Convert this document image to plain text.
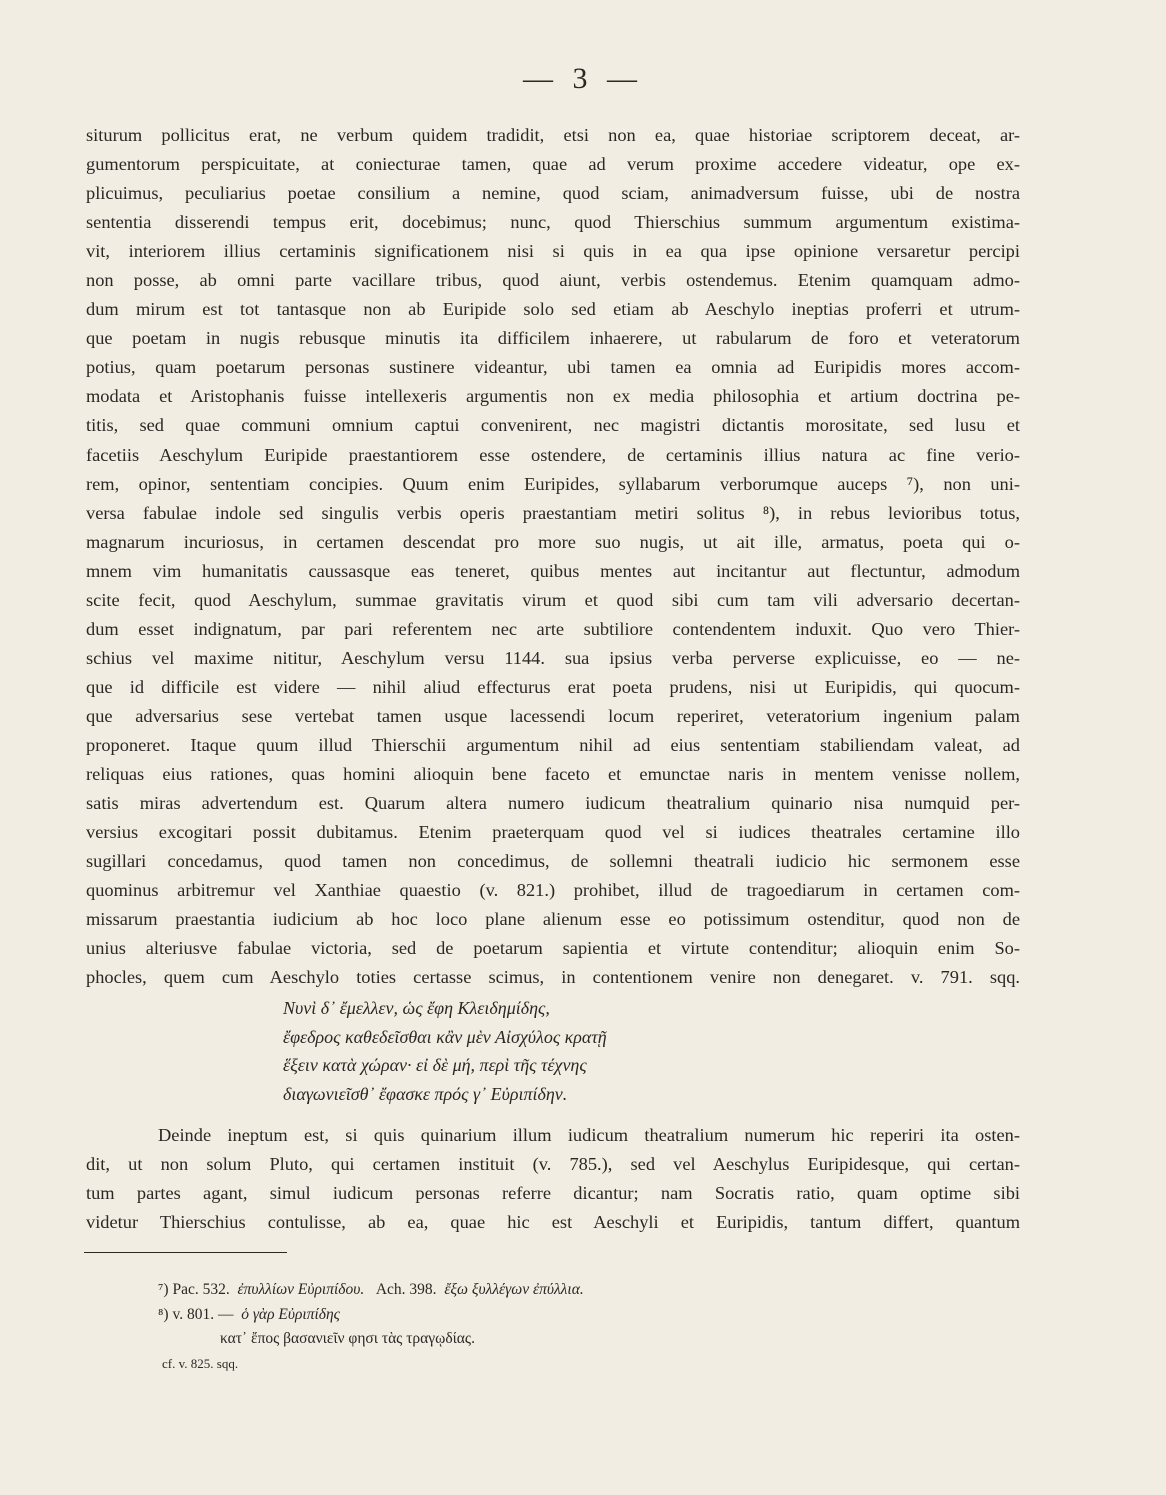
— 3 —
siturum pollicitus erat, ne verbum quidem tradidit, etsi non ea, quae historiae scriptorem deceat, ar-
gumentorum perspicuitate, at coniecturae tamen, quae ad verum proxime accedere videatur, ope ex-
plicuimus, peculiarius poetae consilium a nemine, quod sciam, animadversum fuisse, ubi de nostra
sententia disserendi tempus erit, docebimus; nunc, quod Thierschius summum argumentum existima-
vit, interiorem illius certaminis significationem nisi si quis in ea qua ipse opinione versaretur percipi
non posse, ab omni parte vacillare tribus, quod aiunt, verbis ostendemus. Etenim quamquam admo-
dum mirum est tot tantasque non ab Euripide solo sed etiam ab Aeschylo ineptias proferri et utrum-
que poetam in nugis rebusque minutis ita difficilem inhaerere, ut rabularum de foro et veteratorum
potius, quam poetarum personas sustinere videantur, ubi tamen ea omnia ad Euripidis mores accom-
modata et Aristophanis fuisse intellexeris argumentis non ex media philosophia et artium doctrina pe-
titis, sed quae communi omnium captui convenirent, nec magistri dictantis morositate, sed lusu et
facetiis Aeschylum Euripide praestantiorem esse ostendere, de certaminis illius natura ac fine verio-
rem, opinor, sententiam concipies. Quum enim Euripides, syllabarum verborumque auceps ⁷), non uni-
versa fabulae indole sed singulis verbis operis praestantiam metiri solitus ⁸), in rebus levioribus totus,
magnarum incuriosus, in certamen descendat pro more suo nugis, ut ait ille, armatus, poeta qui o-
mnem vim humanitatis caussasque eas teneret, quibus mentes aut incitantur aut flectuntur, admodum
scite fecit, quod Aeschylum, summae gravitatis virum et quod sibi cum tam vili adversario decertan-
dum esset indignatum, par pari referentem nec arte subtiliore contendentem induxit. Quo vero Thier-
schius vel maxime nititur, Aeschylum versu 1144. sua ipsius verba perverse explicuisse, eo — ne-
que id difficile est videre — nihil aliud effecturus erat poeta prudens, nisi ut Euripidis, qui quocum-
que adversarius sese vertebat tamen usque lacessendi locum reperiret, veteratorium ingenium palam
proponeret. Itaque quum illud Thierschii argumentum nihil ad eius sententiam stabiliendam valeat, ad
reliquas eius rationes, quas homini alioquin bene faceto et emunctae naris in mentem venisse nollem,
satis miras advertendum est. Quarum altera numero iudicum theatralium quinario nisa numquid per-
versius excogitari possit dubitamus. Etenim praeterquam quod vel si iudices theatrales certamine illo
sugillari concedamus, quod tamen non concedimus, de sollemni theatrali iudicio hic sermonem esse
quominus arbitremur vel Xanthiae quaestio (v. 821.) prohibet, illud de tragoediarum in certamen com-
missarum praestantia iudicium ab hoc loco plane alienum esse eo potissimum ostenditur, quod non de
unius alteriusve fabulae victoria, sed de poetarum sapientia et virtute contenditur; alioquin enim So-
phocles, quem cum Aeschylo toties certasse scimus, in contentionem venire non denegaret. v. 791. sqq.
Νυνὶ δ᾽ ἔμελλεν, ὡς ἔφη Κλειδημίδης,
ἔφεδρος καθεδεῖσθαι κἂν μὲν Αἰσχύλος κρατῇ
ἕξειν κατὰ χώραν· εἰ δὲ μή, περὶ τῆς τέχνης
διαγωνιεῖσθ᾽ ἔφασκε πρός γ᾽ Εὐριπίδην.
Deinde ineptum est, si quis quinarium illum iudicum theatralium numerum hic reperiri ita osten-
dit, ut non solum Pluto, qui certamen instituit (v. 785.), sed vel Aeschylus Euripidesque, qui certan-
tum partes agant, simul iudicum personas referre dicantur; nam Socratis ratio, quam optime sibi
videtur Thierschius contulisse, ab ea, quae hic est Aeschyli et Euripidis, tantum differt, quantum
⁷) Pac. 532. ἐπυλλίων Εὐριπίδου. Ach. 398. ἔξω ξυλλέγων ἐπύλλια.
⁸) v. 801. — ὁ γὰρ Εὐριπίδης
κατ᾽ ἔπος βασανιεῖν φησι τὰς τραγῳδίας.
cf. v. 825. sqq.
